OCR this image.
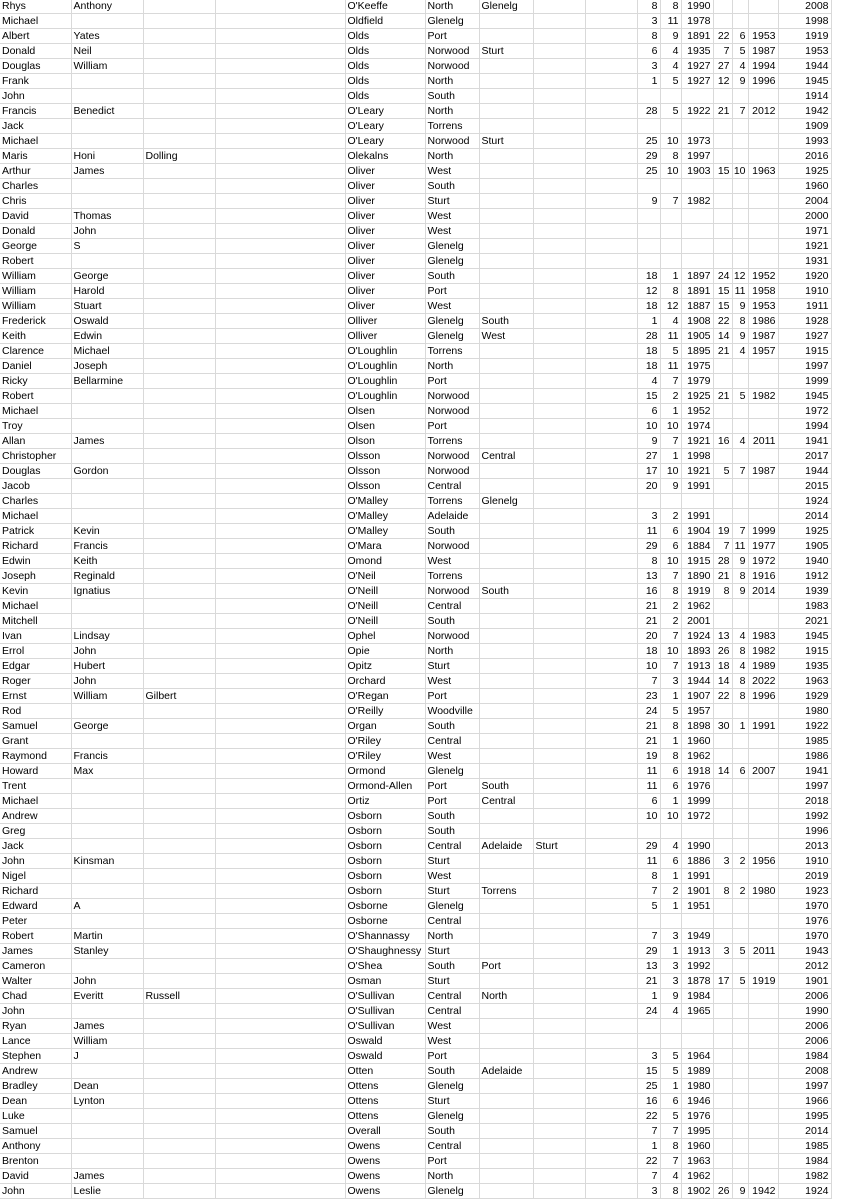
Rhys	Anthony			O'Keeffe	North	Glenelg			8	8	1990				2008
Michael				Oldfield	Glenelg				3	11	1978				1998
Albert	Yates			Olds	Port				8	9	1891	22	6	1953	1919
Donald	Neil			Olds	Norwood	Sturt			6	4	1935	7	5	1987	1953
Douglas	William			Olds	Norwood				3	4	1927	27	4	1994	1944
Frank				Olds	North				1	5	1927	12	9	1996	1945
John				Olds	South										1914
Francis	Benedict			O'Leary	North				28	5	1922	21	7	2012	1942
Jack				O'Leary	Torrens										1909
Michael				O'Leary	Norwood	Sturt			25	10	1973				1993
Maris	Honi	Dolling		Olekalns	North				29	8	1997				2016
Arthur	James			Oliver	West				25	10	1903	15	10	1963	1925
Charles				Oliver	South										1960
Chris				Oliver	Sturt				9	7	1982				2004
David	Thomas			Oliver	West										2000
Donald	John			Oliver	West										1971
George	S			Oliver	Glenelg										1921
Robert				Oliver	Glenelg										1931
William	George			Oliver	South				18	1	1897	24	12	1952	1920
William	Harold			Oliver	Port				12	8	1891	15	11	1958	1910
William	Stuart			Oliver	West				18	12	1887	15	9	1953	1911
Frederick	Oswald			Olliver	Glenelg	South			1	4	1908	22	8	1986	1928
Keith	Edwin			Olliver	Glenelg	West			28	11	1905	14	9	1987	1927
Clarence	Michael			O'Loughlin	Torrens				18	5	1895	21	4	1957	1915
Daniel	Joseph			O'Loughlin	North				18	11	1975				1997
Ricky	Bellarmine			O'Loughlin	Port				4	7	1979				1999
Robert				O'Loughlin	Norwood				15	2	1925	21	5	1982	1945
Michael				Olsen	Norwood				6	1	1952				1972
Troy				Olsen	Port				10	10	1974				1994
Allan	James			Olson	Torrens				9	7	1921	16	4	2011	1941
Christopher				Olsson	Norwood	Central			27	1	1998				2017
Douglas	Gordon			Olsson	Norwood				17	10	1921	5	7	1987	1944
Jacob				Olsson	Central				20	9	1991				2015
Charles				O'Malley	Torrens	Glenelg									1924
Michael				O'Malley	Adelaide				3	2	1991				2014
Patrick	Kevin			O'Malley	South				11	6	1904	19	7	1999	1925
Richard	Francis			O'Mara	Norwood				29	6	1884	7	11	1977	1905
Edwin	Keith			Omond	West				8	10	1915	28	9	1972	1940
Joseph	Reginald			O'Neil	Torrens				13	7	1890	21	8	1916	1912
Kevin	Ignatius			O'Neill	Norwood	South			16	8	1919	8	9	2014	1939
Michael				O'Neill	Central				21	2	1962				1983
Mitchell				O'Neill	South				21	2	2001				2021
Ivan	Lindsay			Ophel	Norwood				20	7	1924	13	4	1983	1945
Errol	John			Opie	North				18	10	1893	26	8	1982	1915
Edgar	Hubert			Opitz	Sturt				10	7	1913	18	4	1989	1935
Roger	John			Orchard	West				7	3	1944	14	8	2022	1963
Ernst	William	Gilbert		O'Regan	Port				23	1	1907	22	8	1996	1929
Rod				O'Reilly	Woodville				24	5	1957				1980
Samuel	George			Organ	South				21	8	1898	30	1	1991	1922
Grant				O'Riley	Central				21	1	1960				1985
Raymond	Francis			O'Riley	West				19	8	1962				1986
Howard	Max			Ormond	Glenelg				11	6	1918	14	6	2007	1941
Trent				Ormond-Allen	Port	South			11	6	1976				1997
Michael				Ortiz	Port	Central			6	1	1999				2018
Andrew				Osborn	South				10	10	1972				1992
Greg				Osborn	South										1996
Jack				Osborn	Central	Adelaide	Sturt		29	4	1990				2013
John	Kinsman			Osborn	Sturt				11	6	1886	3	2	1956	1910
Nigel				Osborn	West				8	1	1991				2019
Richard				Osborn	Sturt	Torrens			7	2	1901	8	2	1980	1923
Edward	A			Osborne	Glenelg				5	1	1951				1970
Peter				Osborne	Central										1976
Robert	Martin			O'Shannassy	North				7	3	1949				1970
James	Stanley			O'Shaughnessy	Sturt				29	1	1913	3	5	2011	1943
Cameron				O'Shea	South	Port			13	3	1992				2012
Walter	John			Osman	Sturt				21	3	1878	17	5	1919	1901
Chad	Everitt	Russell		O'Sullivan	Central	North			1	9	1984				2006
John				O'Sullivan	Central				24	4	1965				1990
Ryan	James			O'Sullivan	West										2006
Lance	William			Oswald	West										2006
Stephen	J			Oswald	Port				3	5	1964				1984
Andrew				Otten	South	Adelaide			15	5	1989				2008
Bradley	Dean			Ottens	Glenelg				25	1	1980				1997
Dean	Lynton			Ottens	Sturt				16	6	1946				1966
Luke				Ottens	Glenelg				22	5	1976				1995
Samuel				Overall	South				7	7	1995				2014
Anthony				Owens	Central				1	8	1960				1985
Brenton				Owens	Port				22	7	1963				1984
David	James			Owens	North				7	4	1962				1982
John	Leslie			Owens	Glenelg				3	8	1902	26	9	1942	1924
